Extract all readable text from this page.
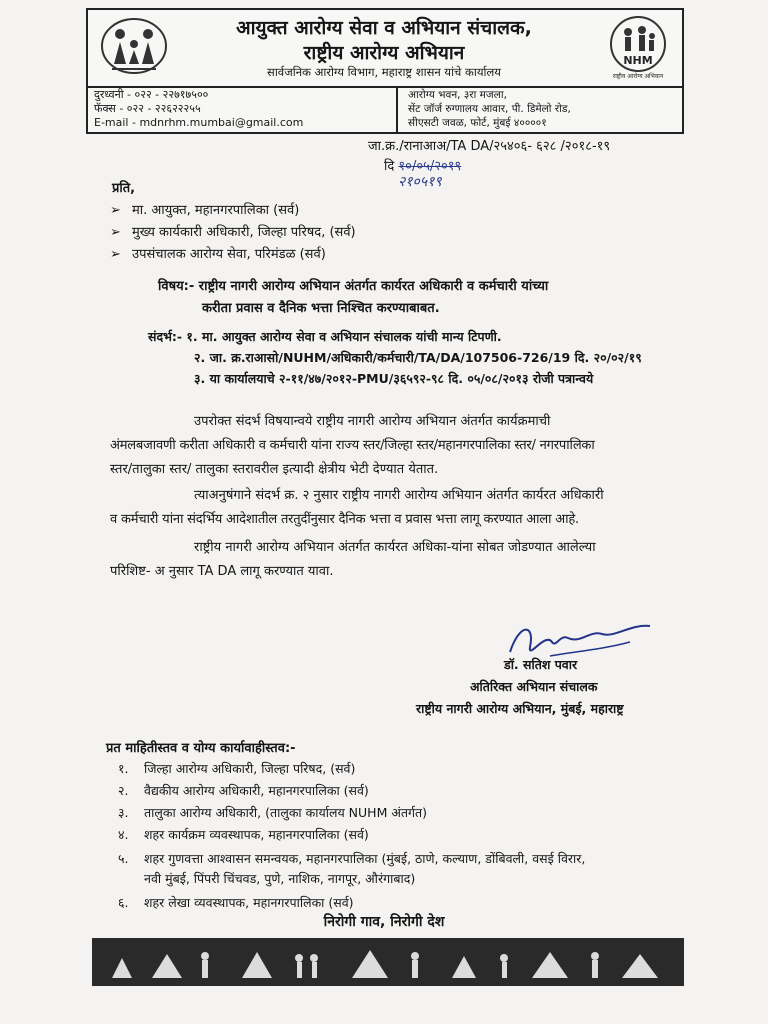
आयुक्त आरोग्य सेवा व अभियान संचालक,
राष्ट्रीय आरोग्य अभियान
सार्वजनिक आरोग्य विभाग, महाराष्ट्र शासन यांचे कार्यालय
NHM
राष्ट्रीय आरोग्य अभियान
दुरध्वनी - ०२२ - २२७१७५००
फॅक्स - ०२२ - २२६२२२५५
E-mail - mdnrhm.mumbai@gmail.com
आरोग्य भवन, ३रा मजला,
सेंट जॉर्ज रुग्णालय आवार, पी. डिमेलो रोड,
सीएसटी जवळ, फोर्ट, मुंबई ४००००१
जा.क्र./रानाआअ/TA DA/२५४०६- ६२८ /२०१८-१९
दि १०/०५/२०१९
२१०५१९
प्रति,
➢ मा. आयुक्त, महानगरपालिका (सर्व)
➢ मुख्य कार्यकारी अधिकारी, जिल्हा परिषद, (सर्व)
➢ उपसंचालक आरोग्य सेवा, परिमंडळ (सर्व)
विषय:- राष्ट्रीय नागरी आरोग्य अभियान अंतर्गत कार्यरत अधिकारी व कर्मचारी यांच्या
करीता प्रवास व दैनिक भत्ता निश्चित करण्याबाबत.
संदर्भ:- १. मा. आयुक्त आरोग्य सेवा व अभियान संचालक यांची मान्य टिपणी.
२. जा. क्र.राआसो/NUHM/अधिकारी/कर्मचारी/TA/DA/107506-726/19 दि. २०/०२/१९
३. या कार्यालयाचे २-११/४७/२०१२-PMU/३६५९२-९८ दि. ०५/०८/२०१३ रोजी पत्रान्वये
उपरोक्त संदर्भ विषयान्वये राष्ट्रीय नागरी आरोग्य अभियान अंतर्गत कार्यक्रमाची
अंमलबजावणी करीता अधिकारी व कर्मचारी यांना राज्य स्तर/जिल्हा स्तर/महानगरपालिका स्तर/ नगरपालिका
स्तर/तालुका स्तर/ तालुका स्तरावरील इत्यादी क्षेत्रीय भेटी देण्यात येतात.
त्याअनुषंगाने संदर्भ क्र. २ नुसार राष्ट्रीय नागरी आरोग्य अभियान अंतर्गत कार्यरत अधिकारी
व कर्मचारी यांना संदर्भिय आदेशातील तरतुदींनुसार दैनिक भत्ता व प्रवास भत्ता लागू करण्यात आला आहे.
राष्ट्रीय नागरी आरोग्य अभियान अंतर्गत कार्यरत अधिका-यांना सोबत जोडण्यात आलेल्या
परिशिष्ट- अ नुसार TA DA लागू करण्यात यावा.
डॉ. सतिश पवार
अतिरिक्त अभियान संचालक
राष्ट्रीय नागरी आरोग्य अभियान, मुंबई, महाराष्ट्र
प्रत माहितीस्तव व योग्य कार्यावाहीस्तव:-
१. जिल्हा आरोग्य अधिकारी, जिल्हा परिषद, (सर्व)
२. वैद्यकीय आरोग्य अधिकारी, महानगरपालिका (सर्व)
३. तालुका आरोग्य अधिकारी, (तालुका कार्यालय NUHM अंतर्गत)
४. शहर कार्यक्रम व्यवस्थापक, महानगरपालिका (सर्व)
५. शहर गुणवत्ता आश्वासन समन्वयक, महानगरपालिका (मुंबई, ठाणे, कल्याण, डोंबिवली, वसई विरार,
नवी मुंबई, पिंपरी चिंचवड, पुणे, नाशिक, नागपूर, औरंगाबाद)
६. शहर लेखा व्यवस्थापक, महानगरपालिका (सर्व)
निरोगी गाव, निरोगी देश
